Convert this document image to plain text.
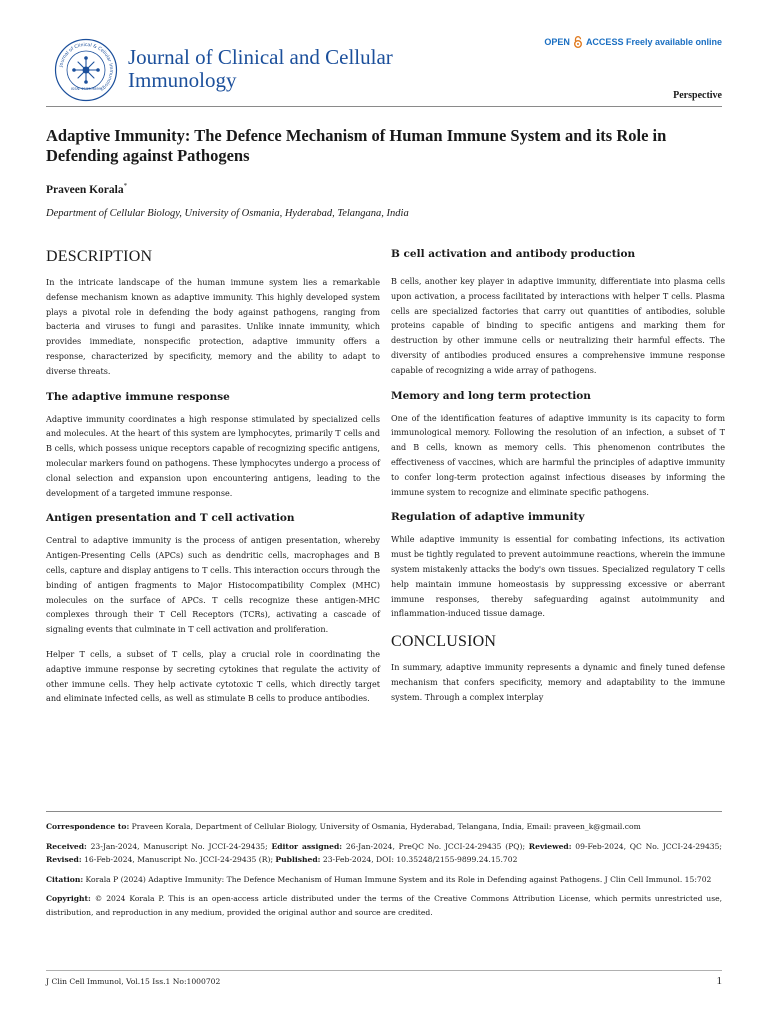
Journal of Clinical & Cellular Immunology
ISSN: 2155-9899
Journal of Clinical and Cellular Immunology
OPEN ACCESS Freely available online
Perspective
Adaptive Immunity: The Defence Mechanism of Human Immune System and its Role in Defending against Pathogens
Praveen Korala*
Department of Cellular Biology, University of Osmania, Hyderabad, Telangana, India
DESCRIPTION

In the intricate landscape of the human immune system lies a remarkable defense mechanism known as adaptive immunity. This highly developed system plays a pivotal role in defending the body against pathogens, ranging from bacteria and viruses to fungi and parasites. Unlike innate immunity, which provides immediate, nonspecific protection, adaptive immunity offers a response, characterized by specificity, memory and the ability to adapt to diverse threats.

The adaptive immune response

Adaptive immunity coordinates a high response stimulated by specialized cells and molecules. At the heart of this system are lymphocytes, primarily T cells and B cells, which possess unique receptors capable of recognizing specific antigens, molecular markers found on pathogens. These lymphocytes undergo a process of clonal selection and expansion upon encountering antigens, leading to the development of a targeted immune response.

Antigen presentation and T cell activation

Central to adaptive immunity is the process of antigen presentation, whereby Antigen-Presenting Cells (APCs) such as dendritic cells, macrophages and B cells, capture and display antigens to T cells. This interaction occurs through the binding of antigen fragments to Major Histocompatibility Complex (MHC) molecules on the surface of APCs. T cells recognize these antigen-MHC complexes through their T Cell Receptors (TCRs), activating a cascade of signaling events that culminate in T cell activation and proliferation.

Helper T cells, a subset of T cells, play a crucial role in coordinating the adaptive immune response by secreting cytokines that regulate the activity of other immune cells. They help activate cytotoxic T cells, which directly target and eliminate infected cells, as well as stimulate B cells to produce antibodies.

B cell activation and antibody production

B cells, another key player in adaptive immunity, differentiate into plasma cells upon activation, a process facilitated by interactions with helper T cells. Plasma cells are specialized factories that carry out quantities of antibodies, soluble proteins capable of binding to specific antigens and marking them for destruction by other immune cells or neutralizing their harmful effects. The diversity of antibodies produced ensures a comprehensive immune response capable of recognizing a wide array of pathogens.

Memory and long term protection

One of the identification features of adaptive immunity is its capacity to form immunological memory. Following the resolution of an infection, a subset of T and B cells, known as memory cells. This phenomenon contributes the effectiveness of vaccines, which are harmful the principles of adaptive immunity to confer long-term protection against infectious diseases by informing the immune system to recognize and eliminate specific pathogens.

Regulation of adaptive immunity

While adaptive immunity is essential for combating infections, its activation must be tightly regulated to prevent autoimmune reactions, wherein the immune system mistakenly attacks the body's own tissues. Specialized regulatory T cells help maintain immune homeostasis by suppressing excessive or aberrant immune responses, thereby safeguarding against autoimmunity and inflammation-induced tissue damage.

CONCLUSION

In summary, adaptive immunity represents a dynamic and finely tuned defense mechanism that confers specificity, memory and adaptability to the immune system. Through a complex interplay

Correspondence to: Praveen Korala, Department of Cellular Biology, University of Osmania, Hyderabad, Telangana, India, Email: praveen_k@gmail.com

Received: 23-Jan-2024, Manuscript No. JCCI-24-29435; Editor assigned: 26-Jan-2024, PreQC No. JCCI-24-29435 (PQ); Reviewed: 09-Feb-2024, QC No. JCCI-24-29435; Revised: 16-Feb-2024, Manuscript No. JCCI-24-29435 (R); Published: 23-Feb-2024, DOI: 10.35248/2155-9899.24.15.702

Citation: Korala P (2024) Adaptive Immunity: The Defence Mechanism of Human Immune System and its Role in Defending against Pathogens. J Clin Cell Immunol. 15:702

Copyright: © 2024 Korala P. This is an open-access article distributed under the terms of the Creative Commons Attribution License, which permits unrestricted use, distribution, and reproduction in any medium, provided the original author and source are credited.

J Clin Cell Immunol, Vol.15 Iss.1 No:1000702	1
